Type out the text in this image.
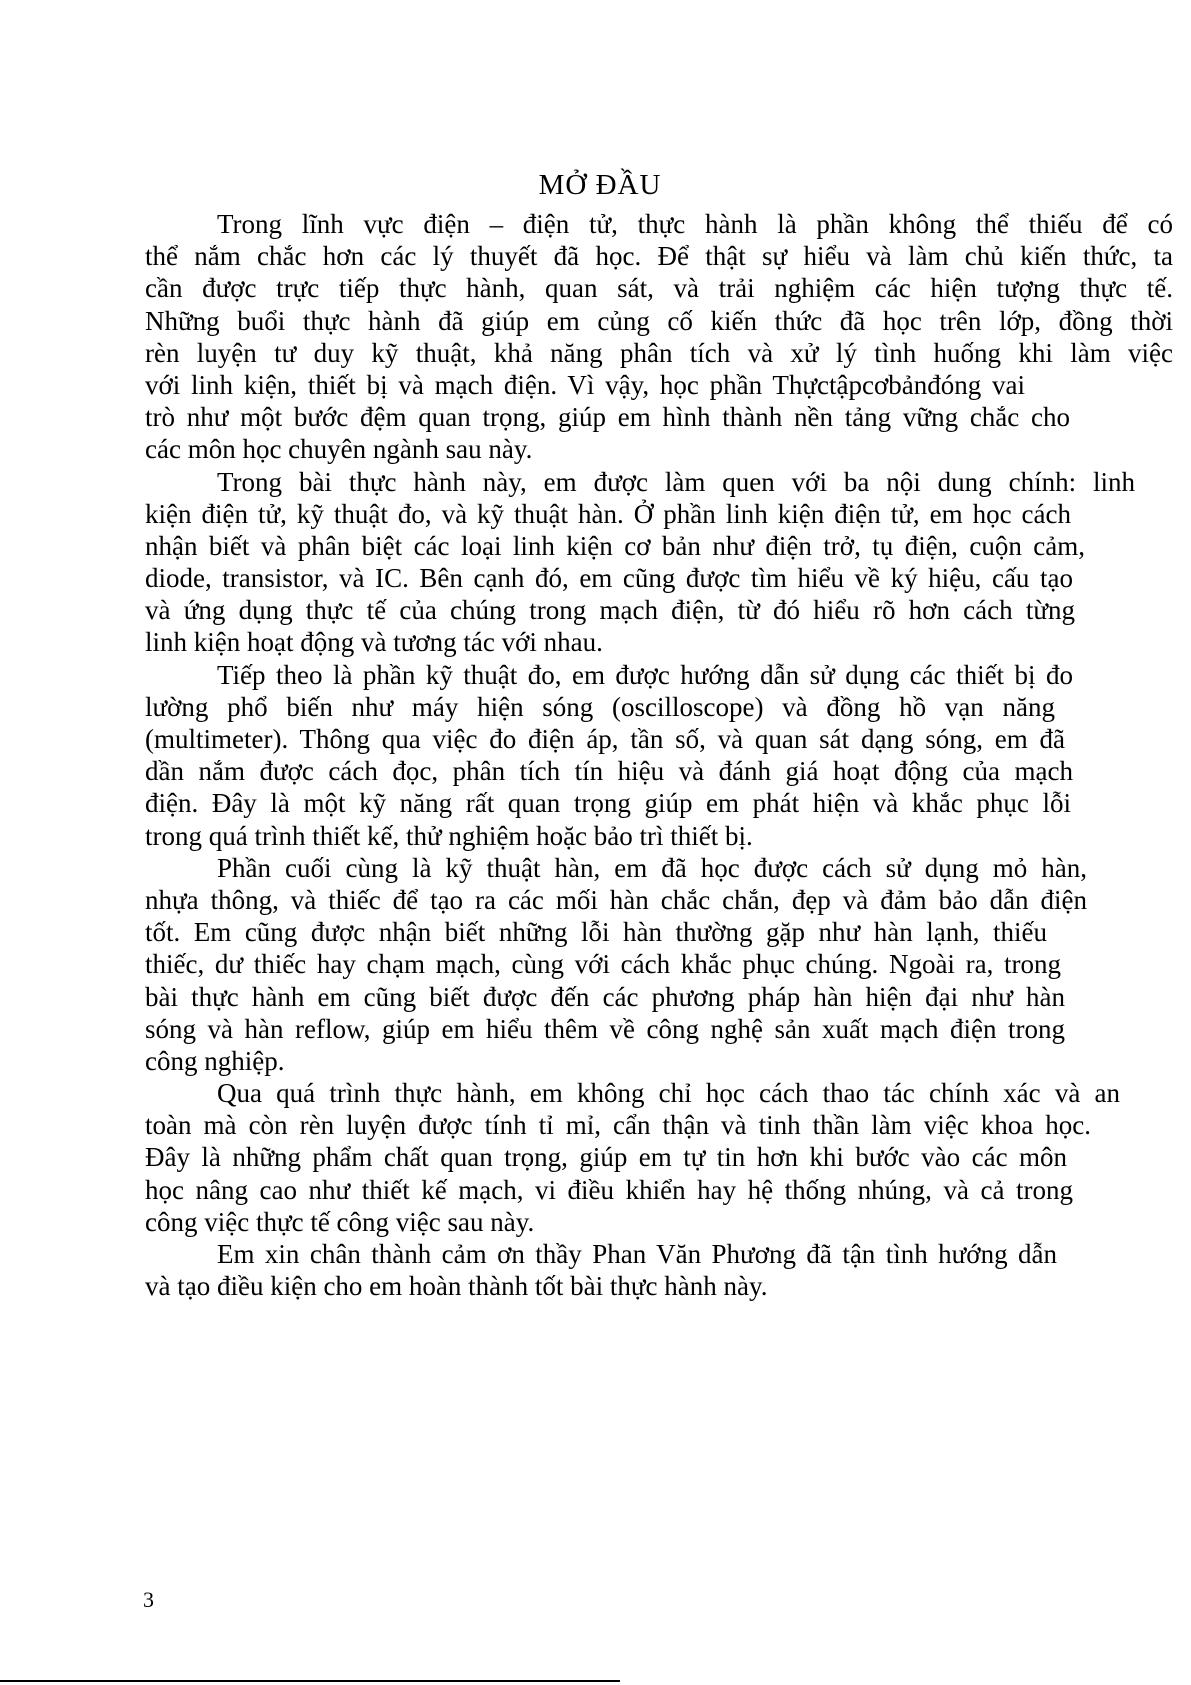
MỞ ĐẦU
Trong lĩnh vực điện – điện tử, thực hành là phần không thể thiếu để có
thể nắm chắc hơn các lý thuyết đã học. Để thật sự hiểu và làm chủ kiến thức, ta
cần được trực tiếp thực hành, quan sát, và trải nghiệm các hiện tượng thực tế.
Những buổi thực hành đã giúp em củng cố kiến thức đã học trên lớp, đồng thời
rèn luyện tư duy kỹ thuật, khả năng phân tích và xử lý tình huống khi làm việc
với linh kiện, thiết bị và mạch điện. Vì vậy, học phần Thựctậpcơbảnđóng vai
trò như một bước đệm quan trọng, giúp em hình thành nền tảng vững chắc cho
các môn học chuyên ngành sau này.
Trong bài thực hành này, em được làm quen với ba nội dung chính: linh
kiện điện tử, kỹ thuật đo, và kỹ thuật hàn. Ở phần linh kiện điện tử, em học cách
nhận biết và phân biệt các loại linh kiện cơ bản như điện trở, tụ điện, cuộn cảm,
diode, transistor, và IC. Bên cạnh đó, em cũng được tìm hiểu về ký hiệu, cấu tạo
và ứng dụng thực tế của chúng trong mạch điện, từ đó hiểu rõ hơn cách từng
linh kiện hoạt động và tương tác với nhau.
Tiếp theo là phần kỹ thuật đo, em được hướng dẫn sử dụng các thiết bị đo
lường phổ biến như máy hiện sóng (oscilloscope) và đồng hồ vạn năng
(multimeter). Thông qua việc đo điện áp, tần số, và quan sát dạng sóng, em đã
dần nắm được cách đọc, phân tích tín hiệu và đánh giá hoạt động của mạch
điện. Đây là một kỹ năng rất quan trọng giúp em phát hiện và khắc phục lỗi
trong quá trình thiết kế, thử nghiệm hoặc bảo trì thiết bị.
Phần cuối cùng là kỹ thuật hàn, em đã học được cách sử dụng mỏ hàn,
nhựa thông, và thiếc để tạo ra các mối hàn chắc chắn, đẹp và đảm bảo dẫn điện
tốt. Em cũng được nhận biết những lỗi hàn thường gặp như hàn lạnh, thiếu
thiếc, dư thiếc hay chạm mạch, cùng với cách khắc phục chúng. Ngoài ra, trong
bài thực hành em cũng biết được đến các phương pháp hàn hiện đại như hàn
sóng và hàn reflow, giúp em hiểu thêm về công nghệ sản xuất mạch điện trong
công nghiệp.
Qua quá trình thực hành, em không chỉ học cách thao tác chính xác và an
toàn mà còn rèn luyện được tính tỉ mỉ, cẩn thận và tinh thần làm việc khoa học.
Đây là những phẩm chất quan trọng, giúp em tự tin hơn khi bước vào các môn
học nâng cao như thiết kế mạch, vi điều khiển hay hệ thống nhúng, và cả trong
công việc thực tế công việc sau này.
Em xin chân thành cảm ơn thầy Phan Văn Phương đã tận tình hướng dẫn
và tạo điều kiện cho em hoàn thành tốt bài thực hành này.
3
